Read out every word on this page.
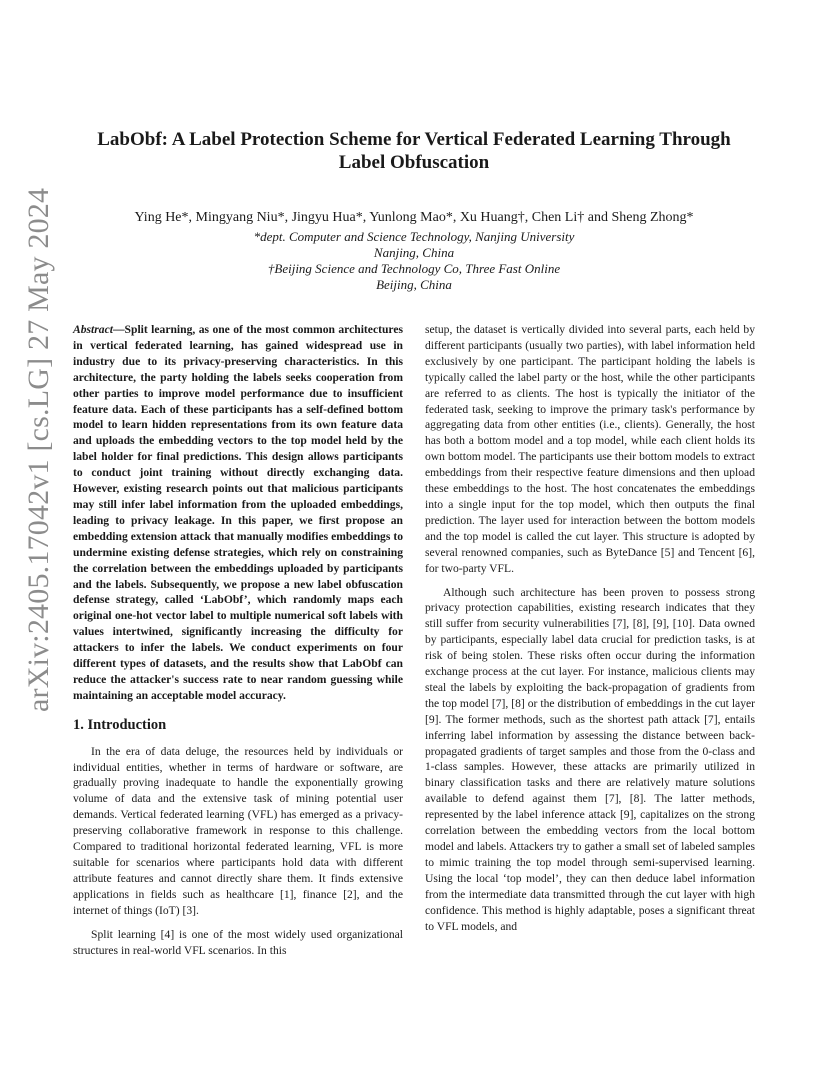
arXiv:2405.17042v1 [cs.LG] 27 May 2024
LabObf: A Label Protection Scheme for Vertical Federated Learning Through Label Obfuscation
Ying He*, Mingyang Niu*, Jingyu Hua*, Yunlong Mao*, Xu Huang†, Chen Li† and Sheng Zhong*
*dept. Computer and Science Technology, Nanjing University
Nanjing, China
†Beijing Science and Technology Co, Three Fast Online
Beijing, China

Abstract—Split learning, as one of the most common architectures in vertical federated learning, has gained widespread use in industry due to its privacy-preserving characteristics. In this architecture, the party holding the labels seeks cooperation from other parties to improve model performance due to insufficient feature data. Each of these participants has a self-defined bottom model to learn hidden representations from its own feature data and uploads the embedding vectors to the top model held by the label holder for final predictions. This design allows participants to conduct joint training without directly exchanging data. However, existing research points out that malicious participants may still infer label information from the uploaded embeddings, leading to privacy leakage. In this paper, we first propose an embedding extension attack that manually modifies embeddings to undermine existing defense strategies, which rely on constraining the correlation between the embeddings uploaded by participants and the labels. Subsequently, we propose a new label obfuscation defense strategy, called ‘LabObf’, which randomly maps each original one-hot vector label to multiple numerical soft labels with values intertwined, significantly increasing the difficulty for attackers to infer the labels. We conduct experiments on four different types of datasets, and the results show that LabObf can reduce the attacker's success rate to near random guessing while maintaining an acceptable model accuracy.

1. Introduction

In the era of data deluge, the resources held by individuals or individual entities, whether in terms of hardware or software, are gradually proving inadequate to handle the exponentially growing volume of data and the extensive task of mining potential user demands. Vertical federated learning (VFL) has emerged as a privacy-preserving collaborative framework in response to this challenge. Compared to traditional horizontal federated learning, VFL is more suitable for scenarios where participants hold data with different attribute features and cannot directly share them. It finds extensive applications in fields such as healthcare [1], finance [2], and the internet of things (IoT) [3].

Split learning [4] is one of the most widely used organizational structures in real-world VFL scenarios. In this

setup, the dataset is vertically divided into several parts, each held by different participants (usually two parties), with label information held exclusively by one participant. The participant holding the labels is typically called the label party or the host, while the other participants are referred to as clients. The host is typically the initiator of the federated task, seeking to improve the primary task's performance by aggregating data from other entities (i.e., clients). Generally, the host has both a bottom model and a top model, while each client holds its own bottom model. The participants use their bottom models to extract embeddings from their respective feature dimensions and then upload these embeddings to the host. The host concatenates the embeddings into a single input for the top model, which then outputs the final prediction. The layer used for interaction between the bottom models and the top model is called the cut layer. This structure is adopted by several renowned companies, such as ByteDance [5] and Tencent [6], for two-party VFL.

Although such architecture has been proven to possess strong privacy protection capabilities, existing research indicates that they still suffer from security vulnerabilities [7], [8], [9], [10]. Data owned by participants, especially label data crucial for prediction tasks, is at risk of being stolen. These risks often occur during the information exchange process at the cut layer. For instance, malicious clients may steal the labels by exploiting the back-propagation of gradients from the top model [7], [8] or the distribution of embeddings in the cut layer [9]. The former methods, such as the shortest path attack [7], entails inferring label information by assessing the distance between back-propagated gradients of target samples and those from the 0-class and 1-class samples. However, these attacks are primarily utilized in binary classification tasks and there are relatively mature solutions available to defend against them [7], [8]. The latter methods, represented by the label inference attack [9], capitalizes on the strong correlation between the embedding vectors from the local bottom model and labels. Attackers try to gather a small set of labeled samples to mimic training the top model through semi-supervised learning. Using the local ‘top model’, they can then deduce label information from the intermediate data transmitted through the cut layer with high confidence. This method is highly adaptable, poses a significant threat to VFL models, and
